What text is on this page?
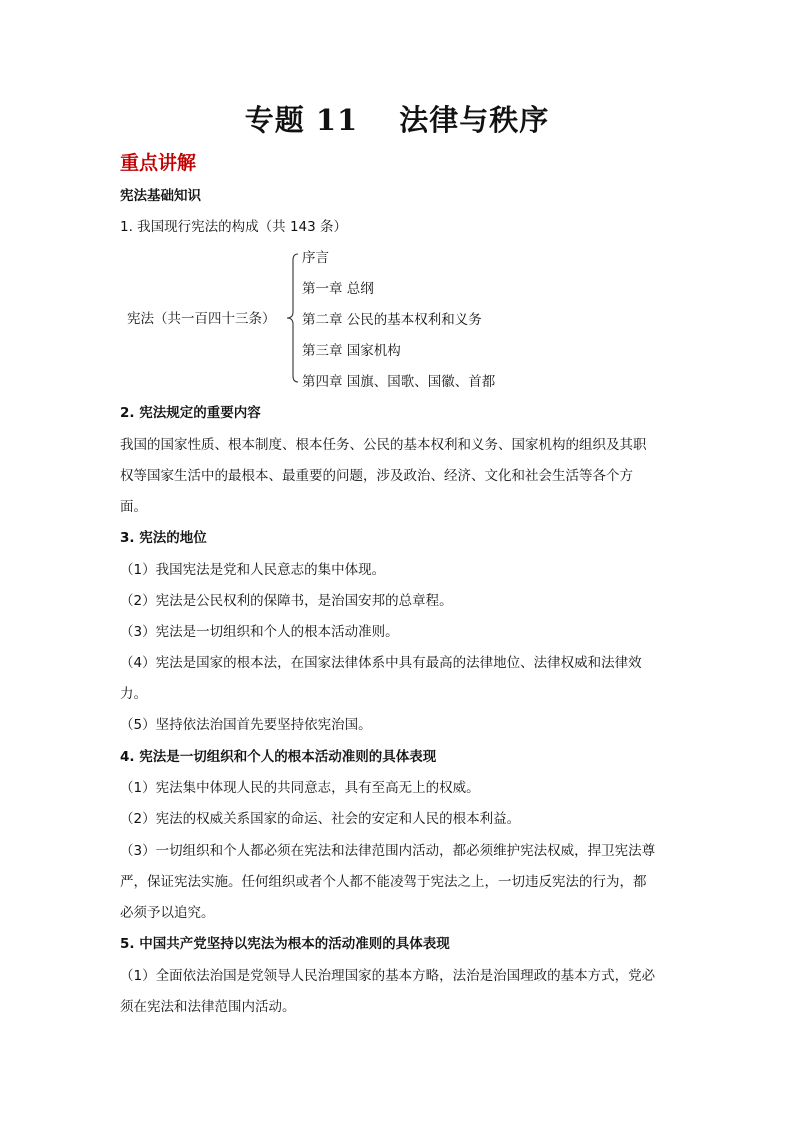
专题 11　 法律与秩序
重点讲解
宪法基础知识
1. 我国现行宪法的构成（共 143 条）
宪法（共一百四十三条）
序言
第一章 总纲
第二章 公民的基本权利和义务
第三章 国家机构
第四章 国旗、国歌、国徽、首都
2. 宪法规定的重要内容
我国的国家性质、根本制度、根本任务、公民的基本权利和义务、国家机构的组织及其职
权等国家生活中的最根本、最重要的问题，涉及政治、经济、文化和社会生活等各个方
面。
3. 宪法的地位
（1）我国宪法是党和人民意志的集中体现。
（2）宪法是公民权利的保障书，是治国安邦的总章程。
（3）宪法是一切组织和个人的根本活动准则。
（4）宪法是国家的根本法，在国家法律体系中具有最高的法律地位、法律权威和法律效
力。
（5）坚持依法治国首先要坚持依宪治国。
4. 宪法是一切组织和个人的根本活动准则的具体表现
（1）宪法集中体现人民的共同意志，具有至高无上的权威。
（2）宪法的权威关系国家的命运、社会的安定和人民的根本利益。
（3）一切组织和个人都必须在宪法和法律范围内活动，都必须维护宪法权威，捍卫宪法尊
严，保证宪法实施。任何组织或者个人都不能凌驾于宪法之上，一切违反宪法的行为，都
必须予以追究。
5. 中国共产党坚持以宪法为根本的活动准则的具体表现
（1）全面依法治国是党领导人民治理国家的基本方略，法治是治国理政的基本方式，党必
须在宪法和法律范围内活动。
